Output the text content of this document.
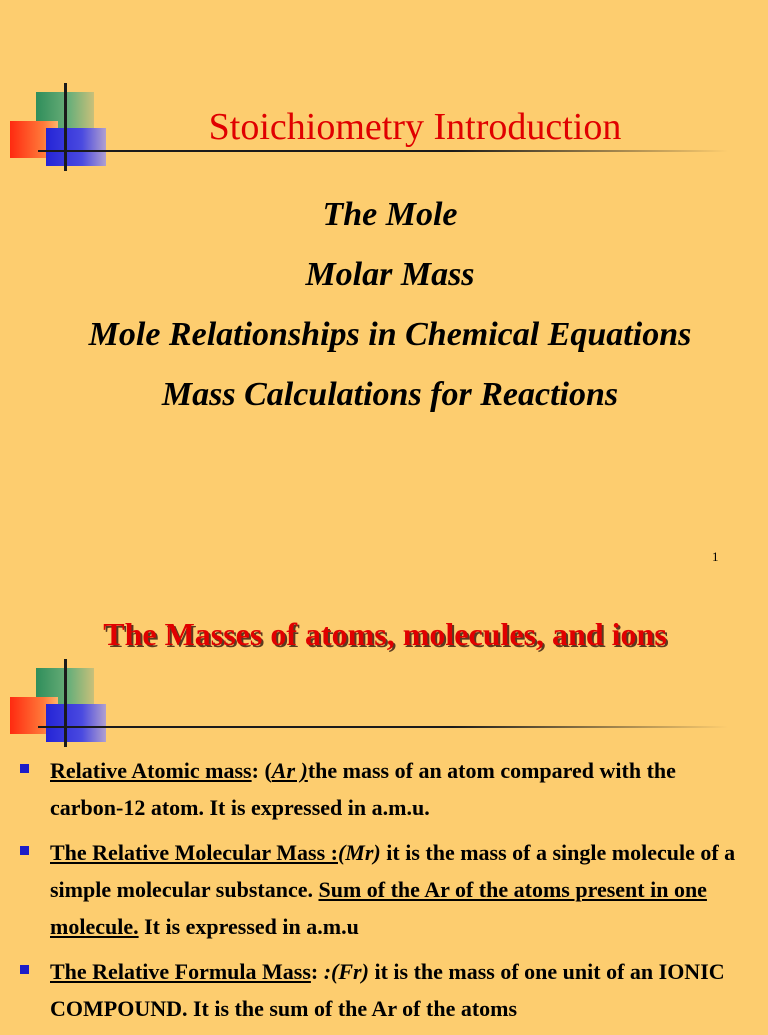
Stoichiometry Introduction
The Mole
Molar Mass
Mole Relationships in Chemical Equations
Mass Calculations for Reactions
1
The Masses of atoms, molecules, and ions
Relative Atomic mass: (Ar )the mass of an atom compared with the carbon-12 atom. It is expressed in a.m.u.
The Relative Molecular Mass :(Mr) it is the mass of a single molecule of a simple molecular substance. Sum of the Ar of the atoms present in one molecule. It is expressed in a.m.u
The Relative Formula Mass: :(Fr) it is the mass of one unit of an IONIC COMPOUND. It is the sum of the Ar of the atoms
